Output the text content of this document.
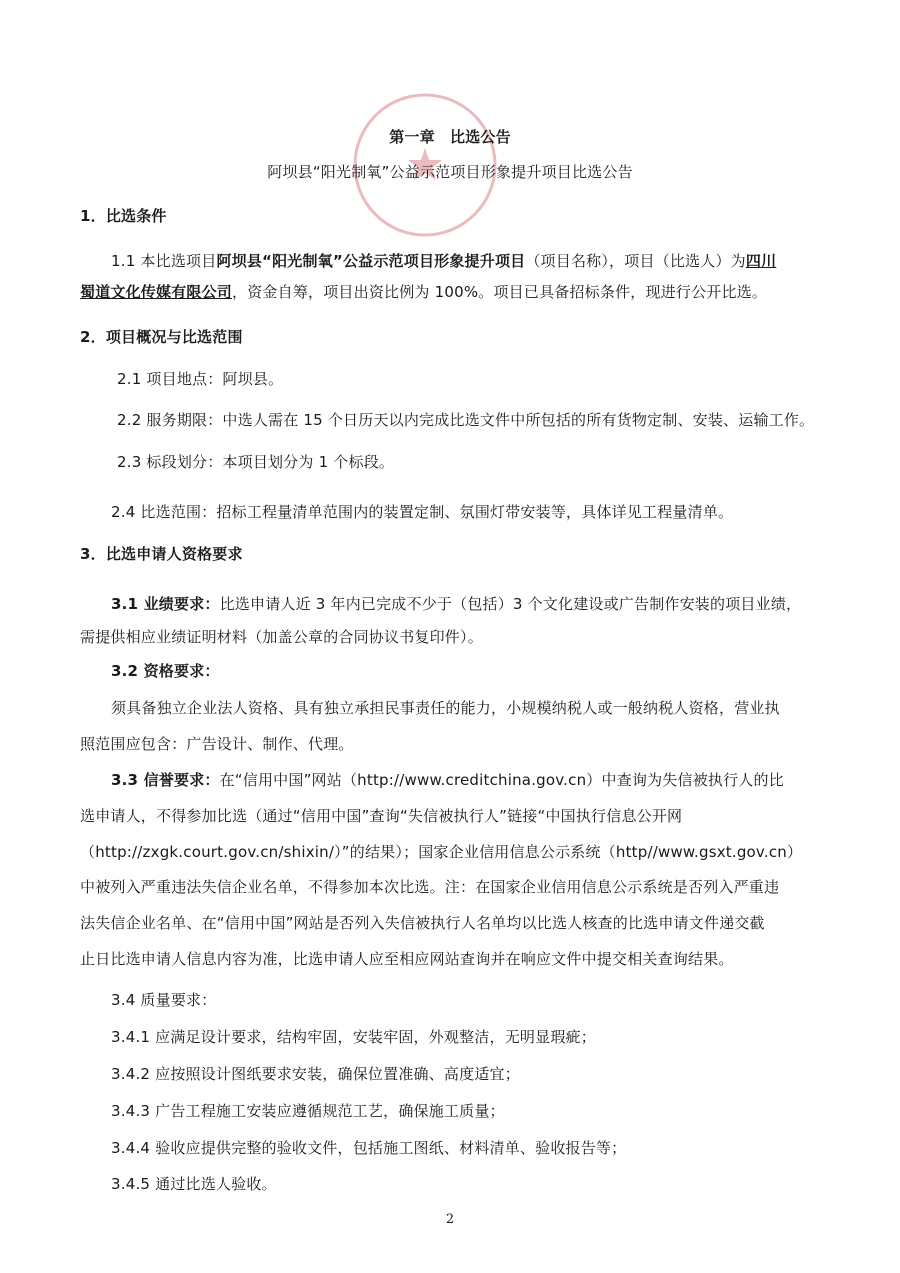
第一章　比选公告
阿坝县“阳光制氧”公益示范项目形象提升项目比选公告
1．比选条件
1.1 本比选项目阿坝县“阳光制氧”公益示范项目形象提升项目（项目名称），项目（比选人）为四川
蜀道文化传媒有限公司，资金自筹，项目出资比例为 100%。项目已具备招标条件，现进行公开比选。
2．项目概况与比选范围
2.1 项目地点：阿坝县。
2.2 服务期限：中选人需在 15 个日历天以内完成比选文件中所包括的所有货物定制、安装、运输工作。
2.3 标段划分：本项目划分为 1 个标段。
2.4 比选范围：招标工程量清单范围内的装置定制、氛围灯带安装等，具体详见工程量清单。
3．比选申请人资格要求
3.1 业绩要求：比选申请人近 3 年内已完成不少于（包括）3 个文化建设或广告制作安装的项目业绩，
需提供相应业绩证明材料（加盖公章的合同协议书复印件）。
3.2 资格要求：
须具备独立企业法人资格、具有独立承担民事责任的能力，小规模纳税人或一般纳税人资格，营业执
照范围应包含：广告设计、制作、代理。
3.3 信誉要求：在“信用中国”网站（http://www.creditchina.gov.cn）中查询为失信被执行人的比
选申请人，不得参加比选（通过“信用中国”查询“失信被执行人”链接“中国执行信息公开网
（http://zxgk.court.gov.cn/shixin/）”的结果）；国家企业信用信息公示系统（http//www.gsxt.gov.cn）
中被列入严重违法失信企业名单，不得参加本次比选。注：在国家企业信用信息公示系统是否列入严重违
法失信企业名单、在“信用中国”网站是否列入失信被执行人名单均以比选人核查的比选申请文件递交截
止日比选申请人信息内容为准，比选申请人应至相应网站查询并在响应文件中提交相关查询结果。
3.4 质量要求：
3.4.1 应满足设计要求，结构牢固，安装牢固，外观整洁，无明显瑕疵；
3.4.2 应按照设计图纸要求安装，确保位置准确、高度适宜；
3.4.3 广告工程施工安装应遵循规范工艺，确保施工质量；
3.4.4 验收应提供完整的验收文件，包括施工图纸、材料清单、验收报告等；
3.4.5 通过比选人验收。
2
